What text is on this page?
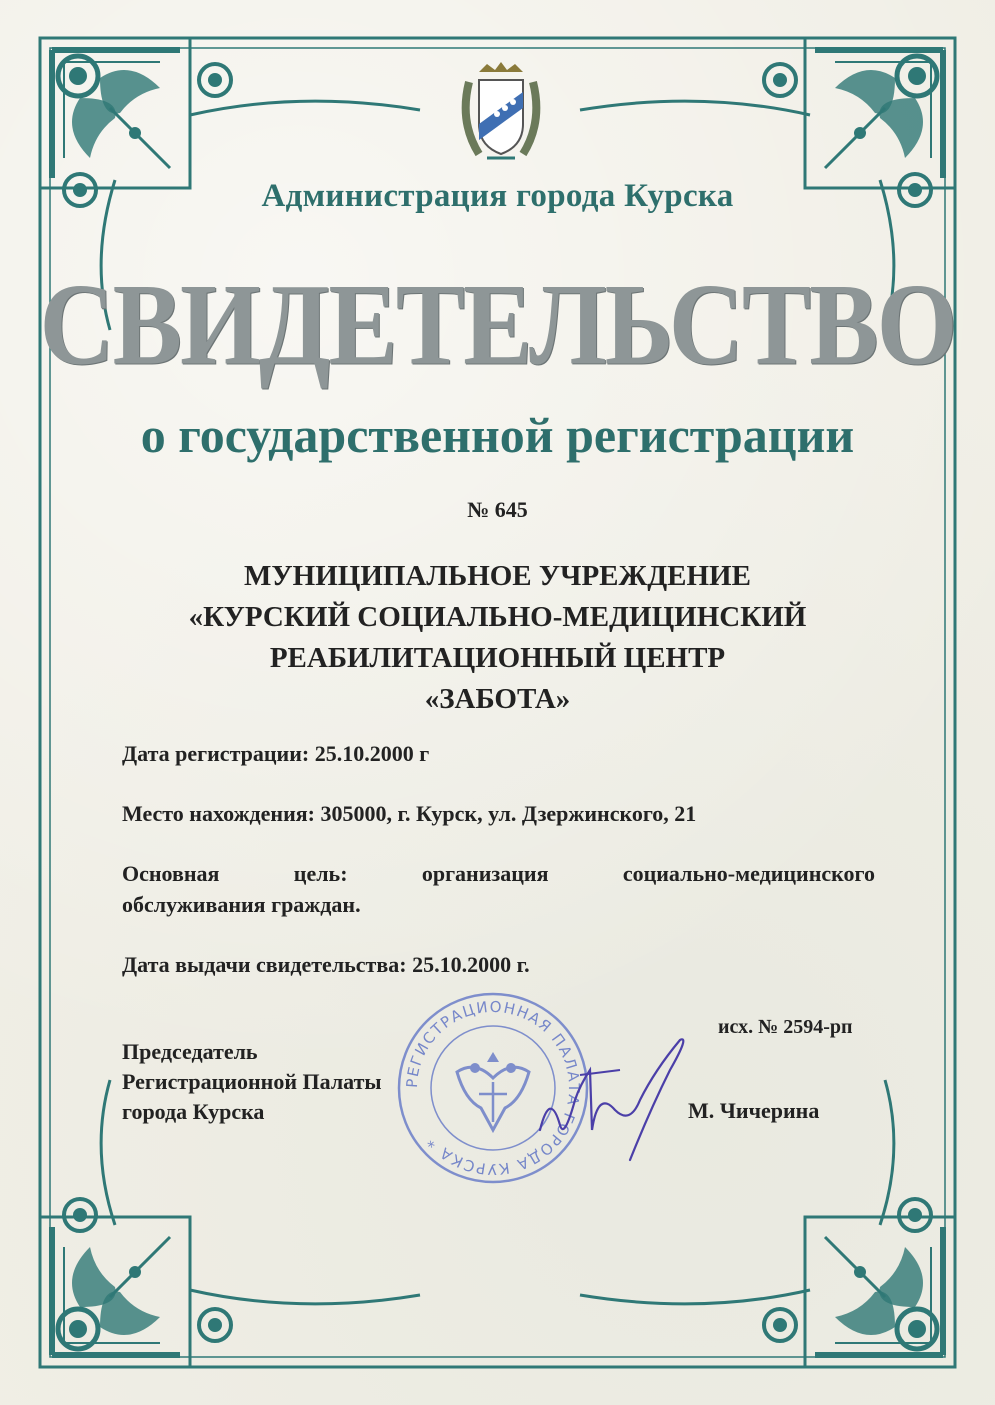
Администрация города Курска
СВИДЕТЕЛЬСТВО
о государственной регистрации
№ 645
МУНИЦИПАЛЬНОЕ УЧРЕЖДЕНИЕ
«КУРСКИЙ СОЦИАЛЬНО-МЕДИЦИНСКИЙ
РЕАБИЛИТАЦИОННЫЙ ЦЕНТР
«ЗАБОТА»
Дата регистрации: 25.10.2000 г
Место нахождения: 305000, г. Курск, ул. Дзержинского, 21
Основная цель: организация социально-медицинского
обслуживания граждан.
Дата выдачи свидетельства: 25.10.2000 г.
исх. № 2594-рп
РЕГИСТРАЦИОННАЯ ПАЛАТА ГОРОДА КУРСКА *
Председатель
Регистрационной Палаты
города Курска	М. Чичерина
